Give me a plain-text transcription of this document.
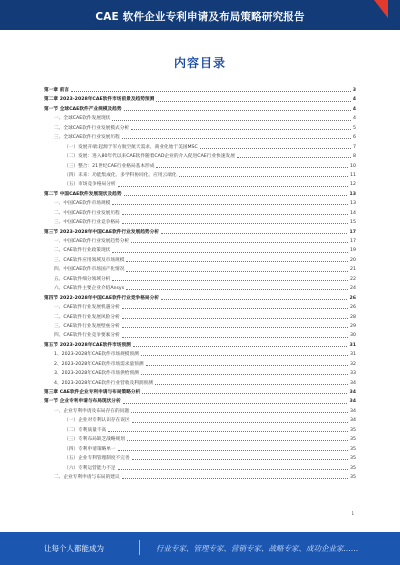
CAE 软件企业专利申请及布局策略研究报告
内容目录
第一章 前言	3
第二章 2023-2028年CAE软件市场前景及趋势预测	4
第一节 全球CAE软件产业规模及趋势	4
一、全球CAE软件发展现状	4
二、全球CAE软件行业发展模式分析	5
三、全球CAE软件行业发展历程	6
（一）发展开端:起源于军方航空航天需求，商业化始于美国MSC	7
（二）发展：进入80年代以来CAE软件随着CAD企业的介入促进CAE行业快速发展	8
（三）整合：21世纪CAE行业格局基本形成	10
（四）未来：功能集成化、多学科协同化、应用云端化	11
（五）市场竞争格局分析	12
第二节 中国CAE软件发展现状及趋势	13
一、中国CAE软件市场规模	13
二、中国CAE软件行业发展历程	14
三、中国CAE软件行业竞争格局	15
第三节 2023-2028年中国CAE软件行业发展趋势分析	17
一、中国CAE软件行业发展趋势分析	17
二、CAE软件行业政策现状	19
三、CAE软件应用领域及市场规模	20
四、中国CAE软件市场国产化情况	21
五、CAE软件细分领域分析	22
六、CAE软件主要企业介绍Ansys	24
第四节 2022-2028年中国CAE软件行业竞争格局分析	26
一、CAE软件行业发展机遇分析	26
二、CAE软件行业发展风险分析	28
三、CAE软件行业发展壁垒分析	29
四、CAE软件行业竞争要素分析	30
第五节 2023-2028年CAE软件市场预测	31
1、2023-2028年CAE软件市场规模预测	31
2、2023-2028年CAE软件市场需求量预测	32
3、2023-2028年CAE软件市场供给预测	33
4、2023-2028年CAE软件行业营收及利润预测	34
第三章 CAE软件企业专利申请与布局策略分析	34
第一节 企业专利申请与布局现状分析	34
一、企业专利申请及布局存在的问题	34
（一）企业对专利认识存在误区	34
（二）专利质量不高	35
（三）专利布局缺乏战略规划	35
（四）专利申请策略单一	35
（五）企业专利管理制度不完善	35
（六）专利运营能力不足	35
二、企业专利申请与布局的建议	35
1
让每个人都能成为	行业专家、管理专家、营销专家、战略专家、成功企业家……
